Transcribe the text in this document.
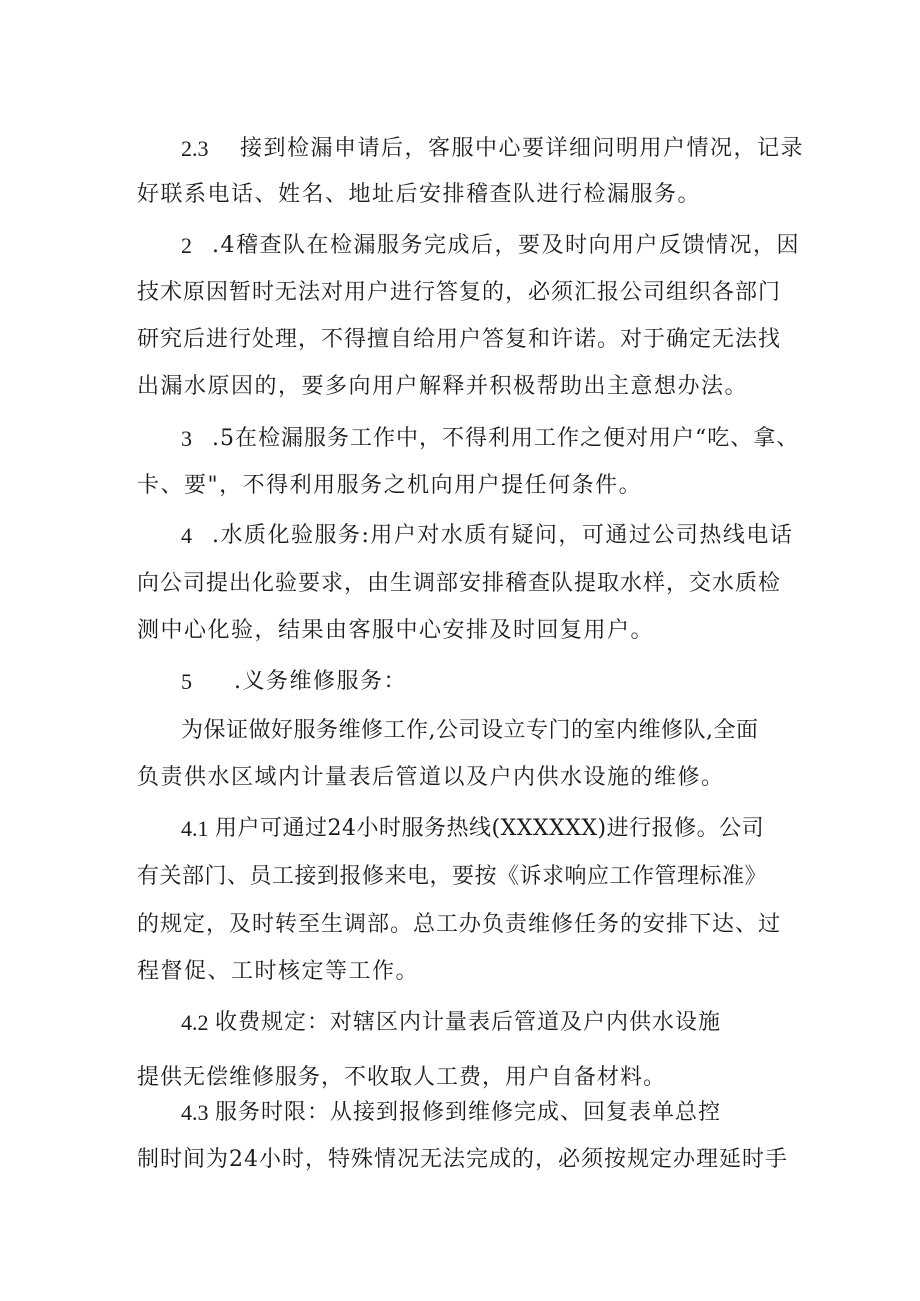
2.3 接到检漏申请后，客服中心要详细问明用户情况，记录
好联系电话、姓名、地址后安排稽查队进行检漏服务。
2 .4稽查队在检漏服务完成后，要及时向用户反馈情况，因
技术原因暂时无法对用户进行答复的，必须汇报公司组织各部门
研究后进行处理，不得擅自给用户答复和许诺。对于确定无法找
出漏水原因的，要多向用户解释并积极帮助出主意想办法。
3 .5在检漏服务工作中，不得利用工作之便对用户“吃、拿、
卡、要"，不得利用服务之机向用户提任何条件。
4 .水质化验服务:用户对水质有疑问，可通过公司热线电话
向公司提出化验要求，由生调部安排稽查队提取水样，交水质检
测中心化验，结果由客服中心安排及时回复用户。
5 .义务维修服务：
为保证做好服务维修工作,公司设立专门的室内维修队,全面
负责供水区域内计量表后管道以及户内供水设施的维修。
4.1 用户可通过24小时服务热线(XXXXXX)进行报修。公司
有关部门、员工接到报修来电，要按《诉求响应工作管理标准》
的规定，及时转至生调部。总工办负责维修任务的安排下达、过
程督促、工时核定等工作。
4.2 收费规定：对辖区内计量表后管道及户内供水设施
提供无偿维修服务，不收取人工费，用户自备材料。
4.3 服务时限：从接到报修到维修完成、回复表单总控
制时间为24小时，特殊情况无法完成的，必须按规定办理延时手
